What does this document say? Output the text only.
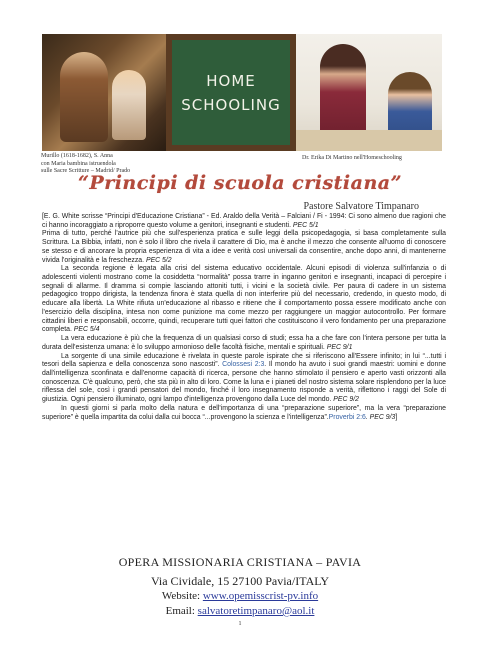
HOME
SCHOOLING
Murillo (1618-1682), S. Anna
con Maria bambina istruendola
sulle Sacre Scritture – Madrid/ Prado
Dr. Erika Di Martino nell'Homeschooling
“Principi di scuola cristiana”
Pastore Salvatore Timpanaro

[E. G. White scrisse “Principi d'Educazione Cristiana” - Ed. Araldo della Verità – Falciani / Fi - 1994: Ci sono almeno due ragioni che ci hanno incoraggiato a riproporre questo volume a genitori, insegnanti e studenti. PEC 5/1

Prima di tutto, perché l'autrice più che sull'esperienza pratica e sulle leggi della psicopedagogia, si basa completamente sulla Scrittura. La Bibbia, infatti, non è solo il libro che rivela il carattere di Dio, ma è anche il mezzo che consente all'uomo di conoscere se stesso e di ancorare la propria esperienza di vita a idee e verità così universali da consentire, anche dopo anni, di mantenerne vivida l'originalità e la freschezza. PEC 5/2

La seconda regione è legata alla crisi del sistema educativo occidentale. Alcuni episodi di violenza sull'infanzia o di adolescenti violenti mostrano come la cosiddetta “normalità” possa trarre in inganno genitori e insegnanti, incapaci di percepire i segnali di allarme. Il dramma si compie lasciando attoniti tutti, i vicini e la società civile. Per paura di cadere in un sistema pedagogico troppo dirigista, la tendenza finora è stata quella di non interferire più del necessario, credendo, in questo modo, di educare alla libertà. La White rifiuta un'educazione al ribasso e ritiene che il comportamento possa essere modificato anche con l'esercizio della disciplina, intesa non come punizione ma come mezzo per raggiungere un maggior autocontrollo. Per formare cittadini liberi e responsabili, occorre, quindi, recuperare tutti quei fattori che costituiscono il vero fondamento per una preparazione completa. PEC 5/4

La vera educazione è più che la frequenza di un qualsiasi corso di studi; essa ha a che fare con l'intera persone per tutta la durata dell'esistenza umana: è lo sviluppo armonioso delle facoltà fisiche, mentali e spirituali. PEC 9/1

La sorgente di una simile educazione è rivelata in queste parole ispirate che si riferiscono all'Essere infinito; in lui “...tutti i tesori della sapienza e della conoscenza sono nascosti”. Colossesi 2:3. Il mondo ha avuto i suoi grandi maestri: uomini e donne dall'intelligenza sconfinata e dall'enorme capacità di ricerca, persone che hanno stimolato il pensiero e aperto vasti orizzonti alla conoscenza. C'è qualcuno, però, che sta più in alto di loro. Come la luna e i pianeti del nostro sistema solare risplendono per la luce riflessa del sole, così i grandi pensatori del mondo, finché il loro insegnamento risponde a verità, riflettono i raggi del Sole di giustizia. Ogni pensiero illuminato, ogni lampo d'intelligenza provengono dalla Luce del mondo. PEC 9/2

In questi giorni si parla molto della natura e dell'importanza di una “preparazione superiore”, ma la vera “preparazione superiore” è quella impartita da colui dalla cui bocca “...provengono la scienza e l'intelligenza”.Proverbi 2:6. PEC 9/3]

OPERA MISSIONARIA CRISTIANA – PAVIA
Via Cividale, 15 27100 Pavia/ITALY
Website: www.opemisscrist-pv.info
Email: salvatoretimpanaro@aol.it
1
